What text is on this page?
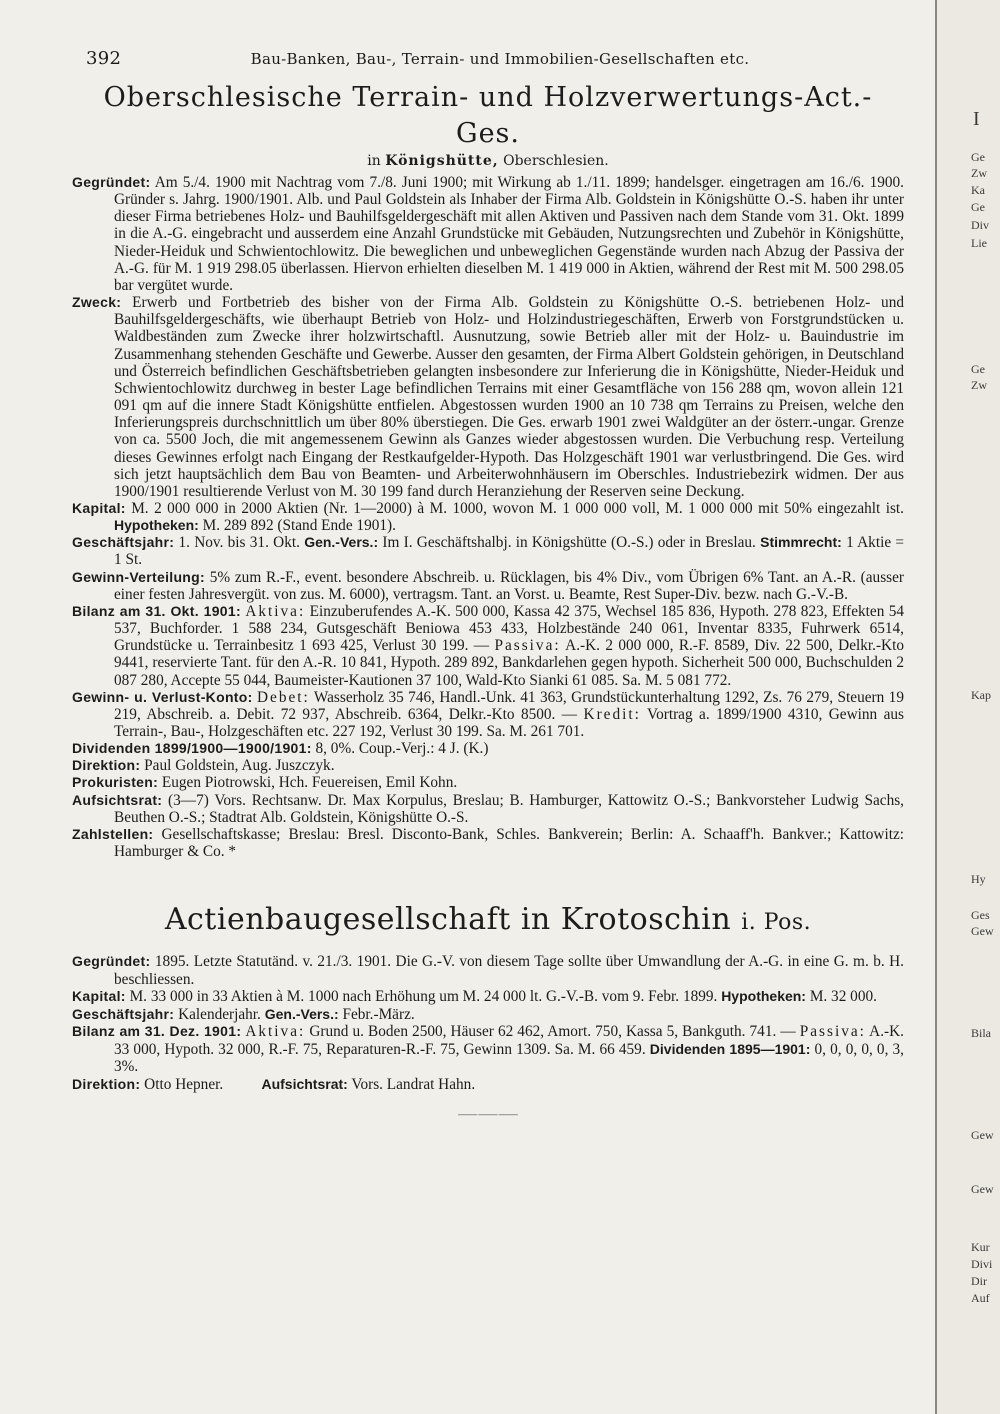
I
Ge
Zw
Ka
Ge
Div
Lie
Ge
Zw
Kap
Hy
Ges
Gew
Bila
Gew
Gew
Kur
Divi
Dir
Auf
392	Bau-Banken, Bau-, Terrain- und Immobilien-Gesellschaften etc.
Oberschlesische Terrain- und Holzverwertungs-Act.-Ges.
in Königshütte, Oberschlesien.

Gegründet: Am 5./4. 1900 mit Nachtrag vom 7./8. Juni 1900; mit Wirkung ab 1./11. 1899; handelsger. eingetragen am 16./6. 1900. Gründer s. Jahrg. 1900/1901. Alb. und Paul Goldstein als Inhaber der Firma Alb. Goldstein in Königshütte O.-S. haben ihr unter dieser Firma betriebenes Holz- und Bauhilfsgeldergeschäft mit allen Aktiven und Passiven nach dem Stande vom 31. Okt. 1899 in die A.-G. eingebracht und ausserdem eine Anzahl Grundstücke mit Gebäuden, Nutzungsrechten und Zubehör in Königshütte, Nieder-Heiduk und Schwientochlowitz. Die beweglichen und unbeweglichen Gegenstände wurden nach Abzug der Passiva der A.-G. für M. 1 919 298.05 überlassen. Hiervon erhielten dieselben M. 1 419 000 in Aktien, während der Rest mit M. 500 298.05 bar vergütet wurde.

Zweck: Erwerb und Fortbetrieb des bisher von der Firma Alb. Goldstein zu Königshütte O.-S. betriebenen Holz- und Bauhilfsgeldergeschäfts, wie überhaupt Betrieb von Holz- und Holzindustriegeschäften, Erwerb von Forstgrundstücken u. Waldbeständen zum Zwecke ihrer holzwirtschaftl. Ausnutzung, sowie Betrieb aller mit der Holz- u. Bauindustrie im Zusammenhang stehenden Geschäfte und Gewerbe. Ausser den gesamten, der Firma Albert Goldstein gehörigen, in Deutschland und Österreich befindlichen Geschäftsbetrieben gelangten insbesondere zur Inferierung die in Königshütte, Nieder-Heiduk und Schwientochlowitz durchweg in bester Lage befindlichen Terrains mit einer Gesamtfläche von 156 288 qm, wovon allein 121 091 qm auf die innere Stadt Königshütte entfielen. Abgestossen wurden 1900 an 10 738 qm Terrains zu Preisen, welche den Inferierungspreis durchschnittlich um über 80% überstiegen. Die Ges. erwarb 1901 zwei Waldgüter an der österr.-ungar. Grenze von ca. 5500 Joch, die mit angemessenem Gewinn als Ganzes wieder abgestossen wurden. Die Verbuchung resp. Verteilung dieses Gewinnes erfolgt nach Eingang der Restkaufgelder-Hypoth. Das Holzgeschäft 1901 war verlustbringend. Die Ges. wird sich jetzt hauptsächlich dem Bau von Beamten- und Arbeiterwohnhäusern im Oberschles. Industriebezirk widmen. Der aus 1900/1901 resultierende Verlust von M. 30 199 fand durch Heranziehung der Reserven seine Deckung.

Kapital: M. 2 000 000 in 2000 Aktien (Nr. 1—2000) à M. 1000, wovon M. 1 000 000 voll, M. 1 000 000 mit 50% eingezahlt ist. Hypotheken: M. 289 892 (Stand Ende 1901).

Geschäftsjahr: 1. Nov. bis 31. Okt. Gen.-Vers.: Im I. Geschäftshalbj. in Königshütte (O.-S.) oder in Breslau. Stimmrecht: 1 Aktie = 1 St.

Gewinn-Verteilung: 5% zum R.-F., event. besondere Abschreib. u. Rücklagen, bis 4% Div., vom Übrigen 6% Tant. an A.-R. (ausser einer festen Jahresvergüt. von zus. M. 6000), vertragsm. Tant. an Vorst. u. Beamte, Rest Super-Div. bezw. nach G.-V.-B.

Bilanz am 31. Okt. 1901: Aktiva: Einzuberufendes A.-K. 500 000, Kassa 42 375, Wechsel 185 836, Hypoth. 278 823, Effekten 54 537, Buchforder. 1 588 234, Gutsgeschäft Beniowa 453 433, Holzbestände 240 061, Inventar 8335, Fuhrwerk 6514, Grundstücke u. Terrainbesitz 1 693 425, Verlust 30 199. — Passiva: A.-K. 2 000 000, R.-F. 8589, Div. 22 500, Delkr.-Kto 9441, reservierte Tant. für den A.-R. 10 841, Hypoth. 289 892, Bankdarlehen gegen hypoth. Sicherheit 500 000, Buchschulden 2 087 280, Accepte 55 044, Baumeister-Kautionen 37 100, Wald-Kto Sianki 61 085. Sa. M. 5 081 772.

Gewinn- u. Verlust-Konto: Debet: Wasserholz 35 746, Handl.-Unk. 41 363, Grundstückunterhaltung 1292, Zs. 76 279, Steuern 19 219, Abschreib. a. Debit. 72 937, Abschreib. 6364, Delkr.-Kto 8500. — Kredit: Vortrag a. 1899/1900 4310, Gewinn aus Terrain-, Bau-, Holzgeschäften etc. 227 192, Verlust 30 199. Sa. M. 261 701.

Dividenden 1899/1900—1900/1901: 8, 0%. Coup.-Verj.: 4 J. (K.)

Direktion: Paul Goldstein, Aug. Juszczyk.

Prokuristen: Eugen Piotrowski, Hch. Feuereisen, Emil Kohn.

Aufsichtsrat: (3—7) Vors. Rechtsanw. Dr. Max Korpulus, Breslau; B. Hamburger, Kattowitz O.-S.; Bankvorsteher Ludwig Sachs, Beuthen O.-S.; Stadtrat Alb. Goldstein, Königshütte O.-S.

Zahlstellen: Gesellschaftskasse; Breslau: Bresl. Disconto-Bank, Schles. Bankverein; Berlin: A. Schaaff'h. Bankver.; Kattowitz: Hamburger & Co. *

Actienbaugesellschaft in Krotoschin i. Pos.

Gegründet: 1895. Letzte Statutänd. v. 21./3. 1901. Die G.-V. von diesem Tage sollte über Umwandlung der A.-G. in eine G. m. b. H. beschliessen.

Kapital: M. 33 000 in 33 Aktien à M. 1000 nach Erhöhung um M. 24 000 lt. G.-V.-B. vom 9. Febr. 1899. Hypotheken: M. 32 000.

Geschäftsjahr: Kalenderjahr. Gen.-Vers.: Febr.-März.

Bilanz am 31. Dez. 1901: Aktiva: Grund u. Boden 2500, Häuser 62 462, Amort. 750, Kassa 5, Bankguth. 741. — Passiva: A.-K. 33 000, Hypoth. 32 000, R.-F. 75, Reparaturen-R.-F. 75, Gewinn 1309. Sa. M. 66 459. Dividenden 1895—1901: 0, 0, 0, 0, 0, 3, 3%.

Direktion: Otto Hepner.	Aufsichtsrat: Vors. Landrat Hahn.

⸺⸺⸺
